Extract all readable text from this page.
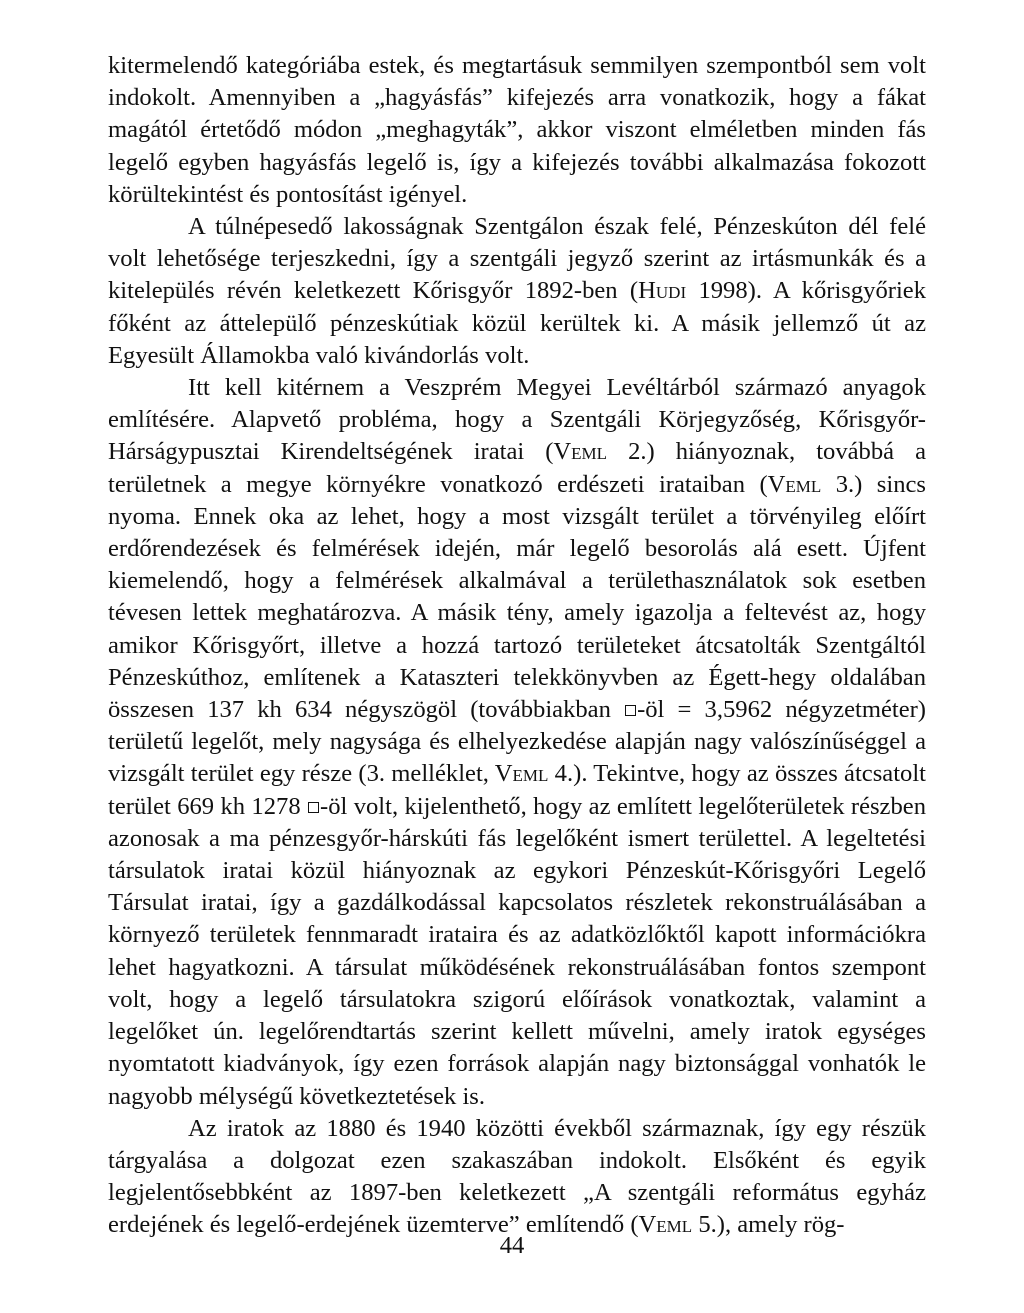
kitermelendő kategóriába estek, és megtartásuk semmilyen szempontból sem volt indokolt. Amennyiben a „hagyásfás” kifejezés arra vonatkozik, hogy a fákat magától értetődő módon „meghagyták”, akkor viszont elméletben minden fás legelő egyben hagyásfás legelő is, így a kifejezés további alkalmazása fokozott körültekintést és pontosítást igényel.

A túlnépesedő lakosságnak Szentgálon észak felé, Pénzeskúton dél felé volt lehetősége terjeszkedni, így a szentgáli jegyző szerint az irtásmunkák és a kitelepülés révén keletkezett Kőrisgyőr 1892-ben (Hudi 1998). A kőrisgyőriek főként az áttelepülő pénzeskútiak közül kerültek ki. A másik jellemző út az Egyesült Államokba való kivándorlás volt.

Itt kell kitérnem a Veszprém Megyei Levéltárból származó anyagok említésére. Alapvető probléma, hogy a Szentgáli Körjegyzőség, Kőrisgyőr-Hárságypusztai Kirendeltségének iratai (Veml 2.) hiányoznak, továbbá a területnek a megye környékre vonatkozó erdészeti irataiban (Veml 3.) sincs nyoma. Ennek oka az lehet, hogy a most vizsgált terület a törvényileg előírt erdőrendezések és felmérések idején, már legelő besorolás alá esett. Újfent kiemelendő, hogy a felmérések alkalmával a területhasználatok sok esetben tévesen lettek meghatározva. A másik tény, amely igazolja a feltevést az, hogy amikor Kőrisgyőrt, illetve a hozzá tartozó területeket átcsatolták Szentgáltól Pénzeskúthoz, említenek a Kataszteri telekkönyvben az Égett-hegy oldalában összesen 137 kh 634 négyszögöl (továbbiakban -öl = 3,5962 négyzetméter) területű legelőt, mely nagysága és elhelyezkedése alapján nagy valószínűséggel a vizsgált terület egy része (3. melléklet, Veml 4.). Tekintve, hogy az összes átcsatolt terület 669 kh 1278 -öl volt, kijelenthető, hogy az említett legelőterületek részben azonosak a ma pénzesgyőr-hárskúti fás legelőként ismert területtel. A legeltetési társulatok iratai közül hiányoznak az egykori Pénzeskút-Kőrisgyőri Legelő Társulat iratai, így a gazdálkodással kapcsolatos részletek rekonstruálásában a környező területek fennmaradt irataira és az adatközlőktől kapott információkra lehet hagyatkozni. A társulat működésének rekonstruálásában fontos szempont volt, hogy a legelő társulatokra szigorú előírások vonatkoztak, valamint a legelőket ún. legelőrendtartás szerint kellett művelni, amely iratok egységes nyomtatott kiadványok, így ezen források alapján nagy biztonsággal vonhatók le nagyobb mélységű következtetések is.

Az iratok az 1880 és 1940 közötti évekből származnak, így egy részük tárgyalása a dolgozat ezen szakaszában indokolt. Elsőként és egyik legjelentősebbként az 1897-ben keletkezett „A szentgáli református egyház erdejének és legelő-erdejének üzemterve” említendő (Veml 5.), amely rög-

44
